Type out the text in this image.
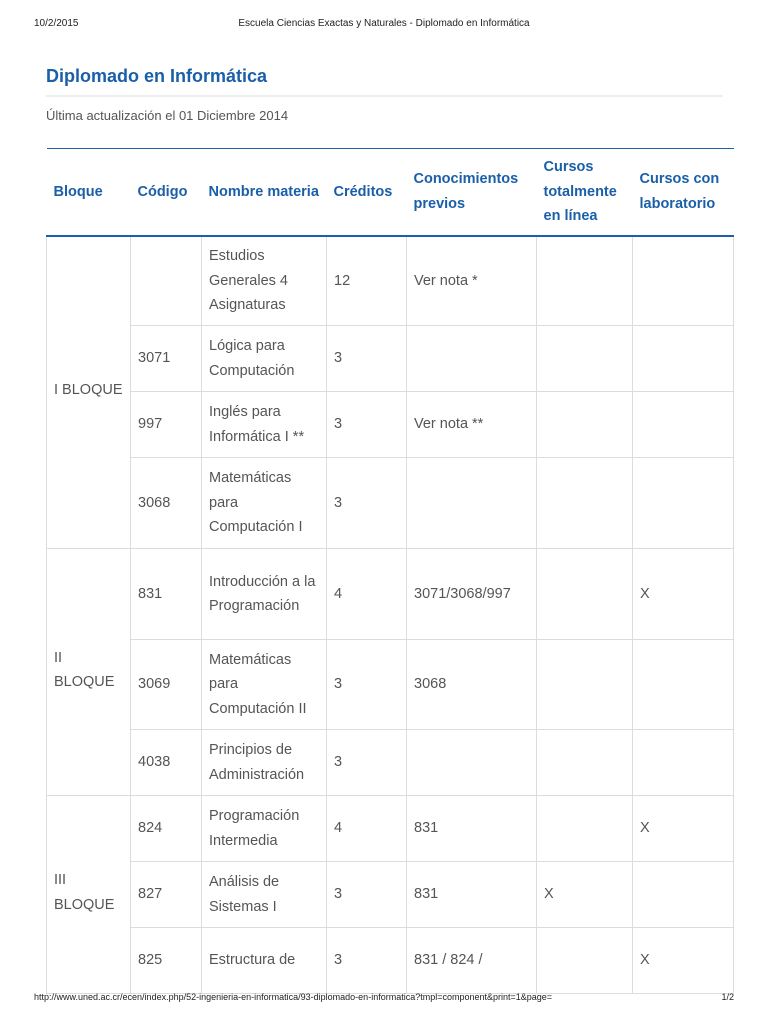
10/2/2015	Escuela Ciencias Exactas y Naturales - Diplomado en Informática
Diplomado en Informática
Última actualización el 01 Diciembre 2014
Bloque	Código	Nombre materia	Créditos	Conocimientos previos	Cursos totalmente en línea	Cursos con laboratorio
I BLOQUE		Estudios Generales 4 Asignaturas	12	Ver nota *		
	3071	Lógica para Computación	3			
	997	Inglés para Informática I **	3	Ver nota **		
	3068	Matemáticas para Computación I	3			
II BLOQUE	831	Introducción a la Programación	4	3071/3068/997		X
	3069	Matemáticas para Computación II	3	3068		
	4038	Principios de Administración	3			
III BLOQUE	824	Programación Intermedia	4	831		X
	827	Análisis de Sistemas I	3	831	X	
	825	Estructura de	3	831 / 824 /		X
http://www.uned.ac.cr/ecen/index.php/52-ingenieria-en-informatica/93-diplomado-en-informatica?tmpl=component&print=1&page=	1/2
